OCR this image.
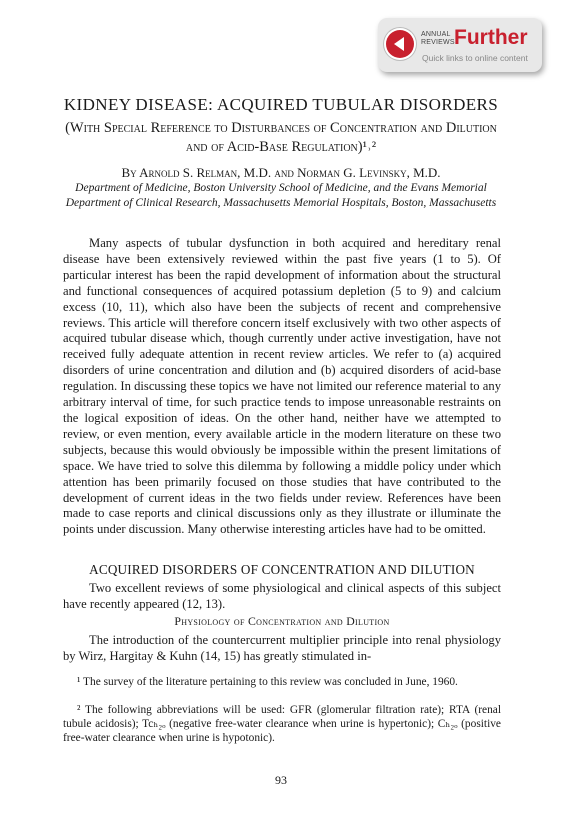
ANNUAL
REVIEWS Further
Quick links to online content
KIDNEY DISEASE: ACQUIRED TUBULAR DISORDERS
(With Special Reference to Disturbances of Concentration and Dilution and of Acid-Base Regulation)¹˒²
By Arnold S. Relman, M.D. and Norman G. Levinsky, M.D.
Department of Medicine, Boston University School of Medicine, and the Evans Memorial Department of Clinical Research, Massachusetts Memorial Hospitals, Boston, Massachusetts

Many aspects of tubular dysfunction in both acquired and hereditary renal disease have been extensively reviewed within the past five years (1 to 5). Of particular interest has been the rapid development of information about the structural and functional consequences of acquired potassium depletion (5 to 9) and calcium excess (10, 11), which also have been the subjects of recent and comprehensive reviews. This article will therefore concern itself exclusively with two other aspects of acquired tubular disease which, though currently under active investigation, have not received fully adequate attention in recent review articles. We refer to (a) acquired disorders of urine concentration and dilution and (b) acquired disorders of acid-base regulation. In discussing these topics we have not limited our reference material to any arbitrary interval of time, for such practice tends to impose unreasonable restraints on the logical exposition of ideas. On the other hand, neither have we attempted to review, or even mention, every available article in the modern literature on these two subjects, because this would obviously be impossible within the present limitations of space. We have tried to solve this dilemma by following a middle policy under which attention has been primarily focused on those studies that have contributed to the development of current ideas in the two fields under review. References have been made to case reports and clinical discussions only as they illustrate or illuminate the points under discussion. Many otherwise interesting articles have had to be omitted.

ACQUIRED DISORDERS OF CONCENTRATION AND DILUTION

Two excellent reviews of some physiological and clinical aspects of this subject have recently appeared (12, 13).

Physiology of Concentration and Dilution

The introduction of the countercurrent multiplier principle into renal physiology by Wirz, Hargitay & Kuhn (14, 15) has greatly stimulated in-

¹ The survey of the literature pertaining to this review was concluded in June, 1960.

² The following abbreviations will be used: GFR (glomerular filtration rate); RTA (renal tubule acidosis); Tcₕ₂ₒ (negative free-water clearance when urine is hypertonic); Cₕ₂ₒ (positive free-water clearance when urine is hypotonic).

93
